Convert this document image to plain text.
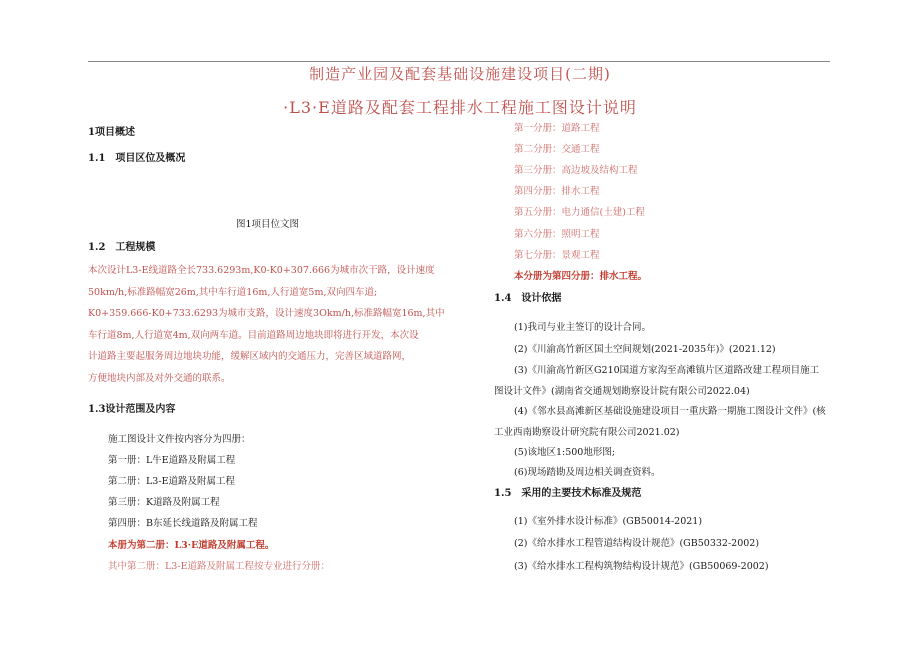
制造产业园及配套基础设施建设项目(二期)
·L3·E道路及配套工程排水工程施工图设计说明
1项目概述
1.1　项目区位及概况
图1项目位文图
1.2　工程规模
本次设计L3-E线道路全长733.6293m,K0-K0+307.666为城市次干路，设计速度
50km/h,标准路幅宽26m,其中车行道16m,人行道宽5m,双向四车道;
K0+359.666-K0+733.6293为城市支路，设计速度3Okm/h,标准路幅宽16m,其中
车行道8m,人行道宽4m,双向两车道。目前道路周边地块即将进行开发，本次设
计道路主要起服务周边地块功能，缓解区域内的交通压力，完善区域道路网，
方便地块内部及对外交通的联系。
1.3设计范围及内容
施工图设计文件按内容分为四册：
第一册：L牛E道路及附属工程
第二册：L3-E道路及附属工程
第三册：K道路及附属工程
第四册：B东延长线道路及附属工程
本册为第二册：L3·E道路及附属工程。
其中第二册：L3-E道路及附属工程按专业进行分册：
第一分册：道路工程
第二分册：交通工程
第三分册：高边坡及结构工程
第四分册：排水工程
第五分册：电力通信(土建)工程
第六分册：照明工程
第七分册：景观工程
本分册为第四分册：排水工程。
1.4　设计依据
(1)我司与业主签订的设计合同。
(2)《川渝高竹新区国土空间规划(2021-2035年)》(2021.12)
(3)《川渝高竹新区G210国道方家沟至高滩镇片区道路改建工程项目施工
图设计文件》(湖南省交通规划勘察设计院有限公司2022.04)
(4)《邻水县高滩新区基础设施建设项目一重庆路一期施工图设计文件》(核
工业西南勘察设计研究院有限公司2021.02)
(5)该地区1:500地形图;
(6)现场踏勘及周边相关调查资料。
1.5　采用的主要技术标准及规范
(1)《室外排水设计标准》(GB50014-2021)
(2)《给水排水工程管道结构设计规范》(GB50332-2002)
(3)《给水排水工程构筑物结构设计规范》(GB50069-2002)
